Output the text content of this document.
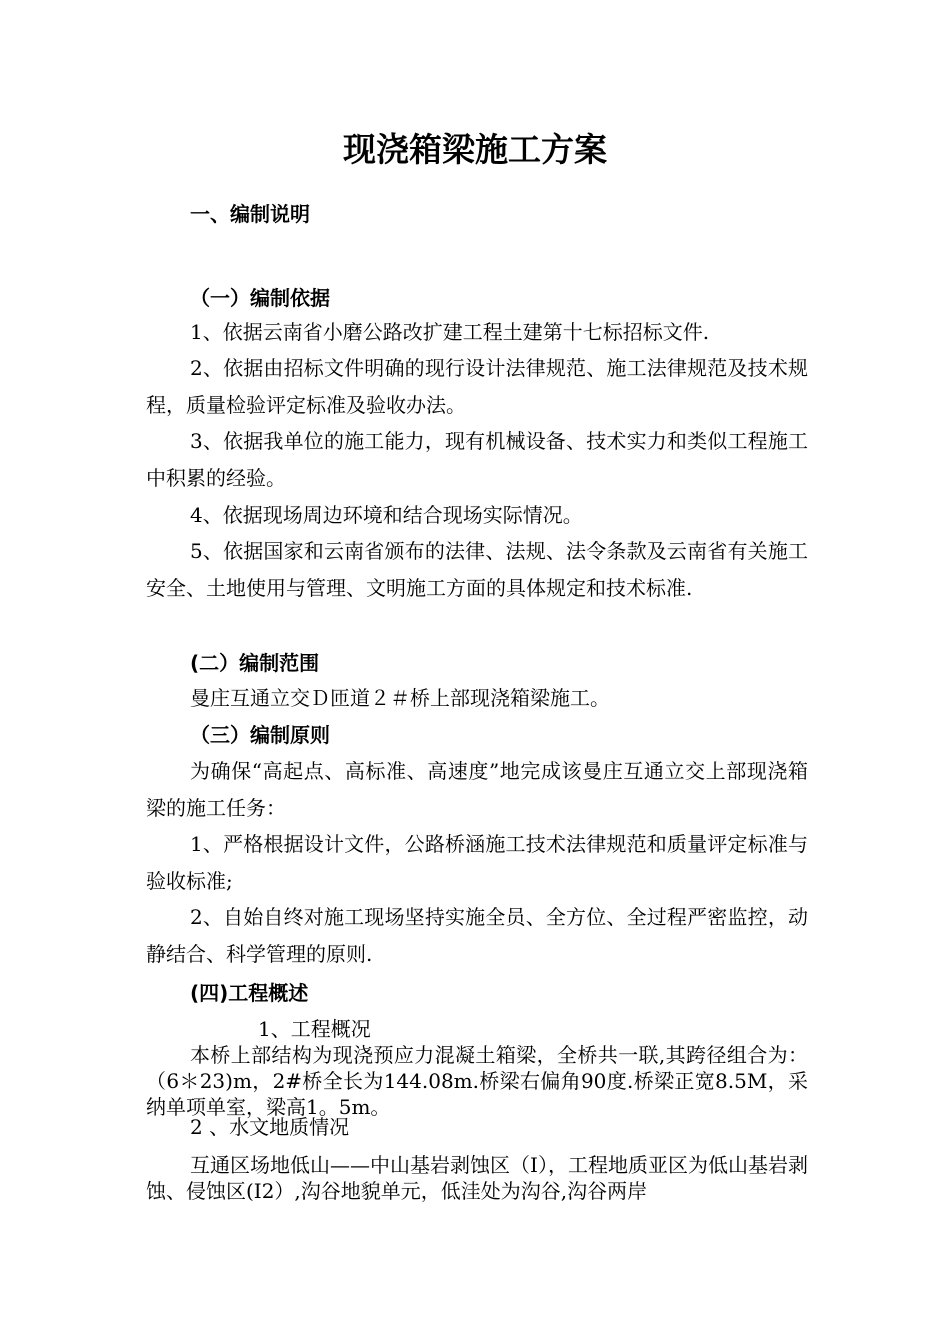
现浇箱梁施工方案
一、编制说明
（一）编制依据
1、依据云南省小磨公路改扩建工程土建第十七标招标文件.
2、依据由招标文件明确的现行设计法律规范、施工法律规范及技术规程，质量检验评定标准及验收办法。
3、依据我单位的施工能力，现有机械设备、技术实力和类似工程施工中积累的经验。
4、依据现场周边环境和结合现场实际情况。
5、依据国家和云南省颁布的法律、法规、法令条款及云南省有关施工安全、土地使用与管理、文明施工方面的具体规定和技术标准.
(二）编制范围
曼庄互通立交Ｄ匝道２＃桥上部现浇箱梁施工。
（三）编制原则
为确保“高起点、高标准、高速度”地完成该曼庄互通立交上部现浇箱梁的施工任务：
1、严格根据设计文件，公路桥涵施工技术法律规范和质量评定标准与验收标准;
2、自始自终对施工现场坚持实施全员、全方位、全过程严密监控，动静结合、科学管理的原则.
(四)工程概述
1、工程概况
本桥上部结构为现浇预应力混凝土箱梁，全桥共一联,其跨径组合为：（6＊23)m，2#桥全长为144.08m.桥梁右偏角90度.桥梁正宽8.5M，采纳单项单室，梁高1。5m。
2 、水文地质情况
互通区场地低山——中山基岩剥蚀区（I），工程地质亚区为低山基岩剥蚀、侵蚀区(I2）,沟谷地貌单元，低洼处为沟谷,沟谷两岸
